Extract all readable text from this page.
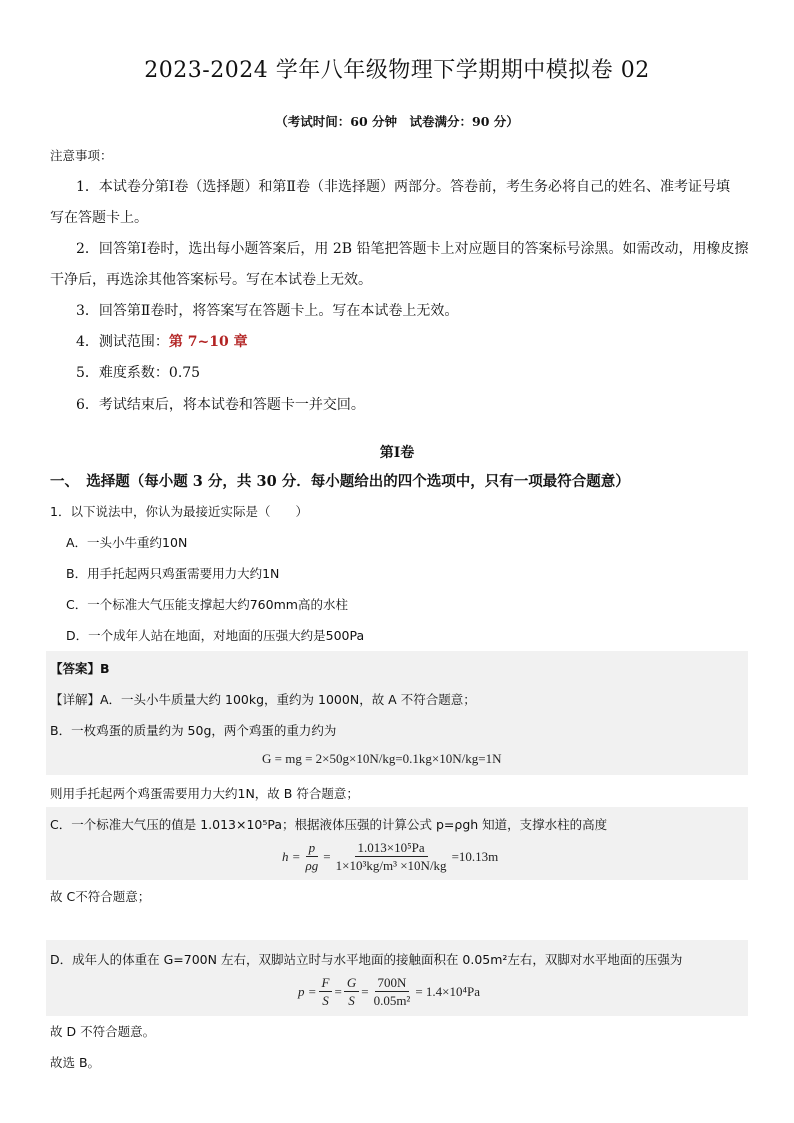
2023-2024 学年八年级物理下学期期中模拟卷 02
（考试时间：60 分钟　试卷满分：90 分）
注意事项：
1．本试卷分第Ⅰ卷（选择题）和第Ⅱ卷（非选择题）两部分。答卷前，考生务必将自己的姓名、准考证号填
写在答题卡上。
2．回答第Ⅰ卷时，选出每小题答案后，用 2B 铅笔把答题卡上对应题目的答案标号涂黑。如需改动，用橡皮擦
干净后，再选涂其他答案标号。写在本试卷上无效。
3．回答第Ⅱ卷时，将答案写在答题卡上。写在本试卷上无效。
4．测试范围：第 7~10 章
5．难度系数：0.75
6．考试结束后，将本试卷和答题卡一并交回。
第Ⅰ卷
一、　选择题（每小题 3 分，共 30 分．每小题给出的四个选项中，只有一项最符合题意）
1．以下说法中，你认为最接近实际是（　　）
A．一头小牛重约10N
B．用手托起两只鸡蛋需要用力大约1N
C．一个标准大气压能支撑起大约760mm高的水柱
D．一个成年人站在地面，对地面的压强大约是500Pa
【答案】B
【详解】A．一头小牛质量大约 100kg，重约为 1000N，故 A 不符合题意；
B．一枚鸡蛋的质量约为 50g，两个鸡蛋的重力约为
G = mg = 2×50g×10N/kg=0.1kg×10N/kg=1N
则用手托起两个鸡蛋需要用力大约1N，故 B 符合题意；
C．一个标准大气压的值是 1.013×10⁵Pa；根据液体压强的计算公式 p=ρgh 知道，支撑水柱的高度
$h = \frac{p}{\rho g} = \frac{\text{1.013×10⁵Pa}}{\text{1×10³kg/m³ ×10N/kg}} =10.13m$
故 C不符合题意；
D．成年人的体重在 G=700N 左右，双脚站立时与水平地面的接触面积在 0.05m²左右，双脚对水平地面的压强为
$p = \frac{F}{S} = \frac{G}{S} = \frac{700N}{\text{0.05m²}} = 1.4\times 10^4Pa$
故 D 不符合题意。
故选 B。
